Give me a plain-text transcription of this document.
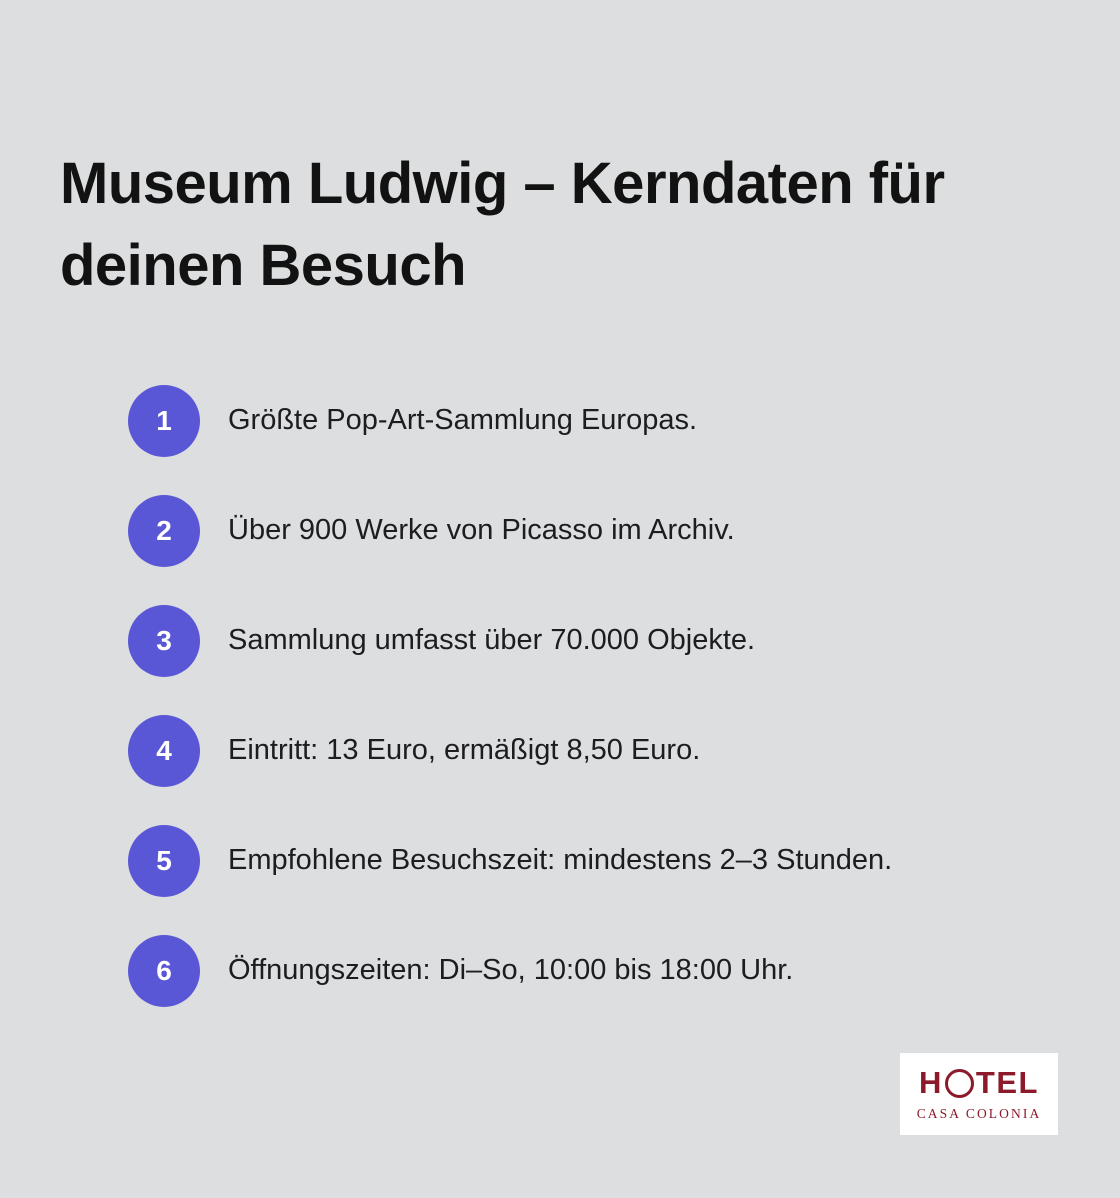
Museum Ludwig – Kerndaten für deinen Besuch
1	Größte Pop-Art-Sammlung Europas.
2	Über 900 Werke von Picasso im Archiv.
3	Sammlung umfasst über 70.000 Objekte.
4	Eintritt: 13 Euro, ermäßigt 8,50 Euro.
5	Empfohlene Besuchszeit: mindestens 2–3 Stunden.
6	Öffnungszeiten: Di–So, 10:00 bis 18:00 Uhr.
H TEL
CASA COLONIA
